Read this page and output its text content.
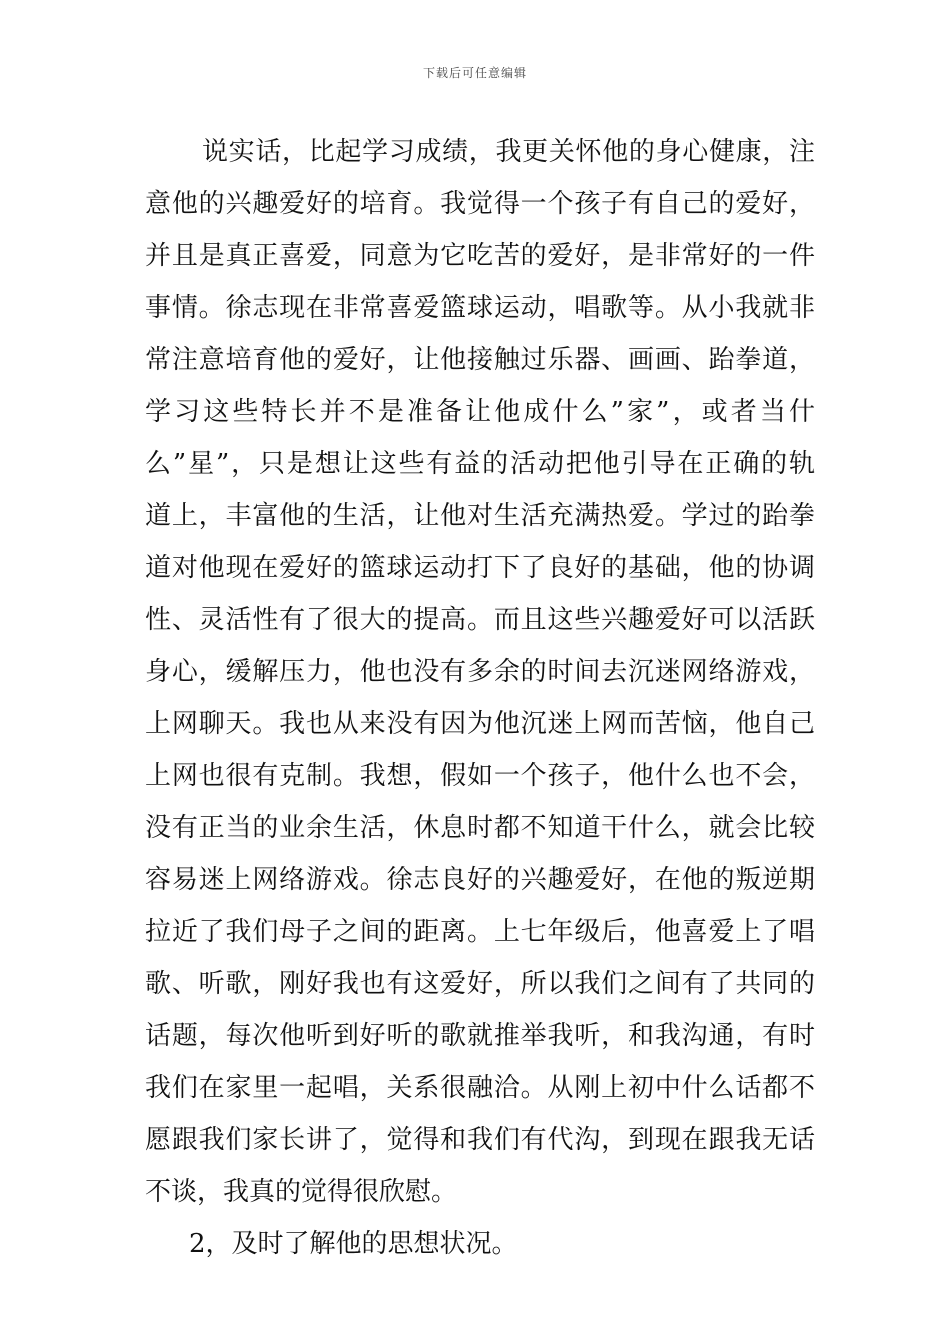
下载后可任意编辑
说实话，比起学习成绩，我更关怀他的身心健康，注
意他的兴趣爱好的培育。我觉得一个孩子有自己的爱好，
并且是真正喜爱，同意为它吃苦的爱好，是非常好的一件
事情。徐志现在非常喜爱篮球运动，唱歌等。从小我就非
常注意培育他的爱好，让他接触过乐器、画画、跆拳道，
学习这些特长并不是准备让他成什么”家”，或者当什
么”星”，只是想让这些有益的活动把他引导在正确的轨
道上，丰富他的生活，让他对生活充满热爱。学过的跆拳
道对他现在爱好的篮球运动打下了良好的基础，他的协调
性、灵活性有了很大的提高。而且这些兴趣爱好可以活跃
身心，缓解压力，他也没有多余的时间去沉迷网络游戏，
上网聊天。我也从来没有因为他沉迷上网而苦恼，他自己
上网也很有克制。我想，假如一个孩子，他什么也不会，
没有正当的业余生活，休息时都不知道干什么，就会比较
容易迷上网络游戏。徐志良好的兴趣爱好，在他的叛逆期
拉近了我们母子之间的距离。上七年级后，他喜爱上了唱
歌、听歌，刚好我也有这爱好，所以我们之间有了共同的
话题，每次他听到好听的歌就推举我听，和我沟通，有时
我们在家里一起唱，关系很融洽。从刚上初中什么话都不
愿跟我们家长讲了，觉得和我们有代沟，到现在跟我无话
不谈，我真的觉得很欣慰。
2，及时了解他的思想状况。
